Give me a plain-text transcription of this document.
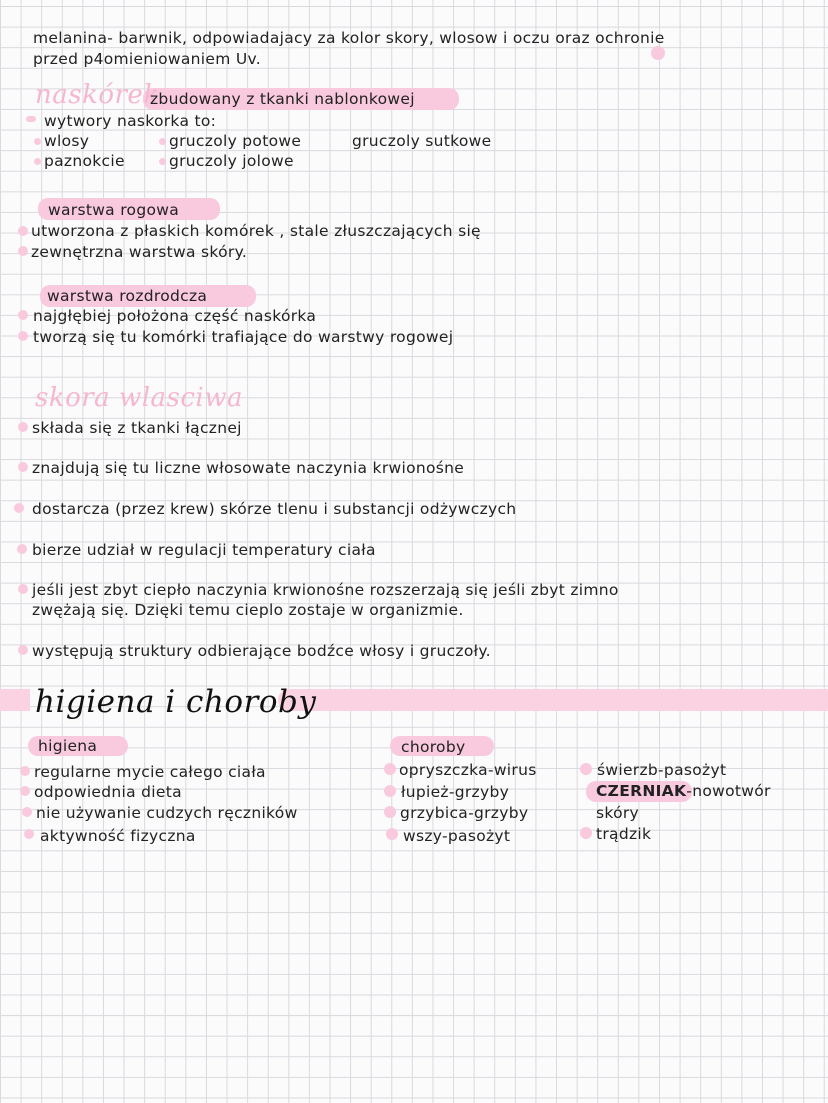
melanina- barwnik, odpowiadajacy za kolor skory, wlosow i oczu oraz ochronie
przed p4omieniowaniem Uv.
naskórek
zbudowany z tkanki nablonkowej
wytwory naskorka to:
wlosy	gruczoly potowe	gruczoly sutkowe
paznokcie	gruczoly jolowe
warstwa rogowa
utworzona z płaskich komórek , stale złuszczających się
zewnętrzna warstwa skóry.
warstwa rozdrodcza
najgłębiej położona część naskórka
tworzą się tu komórki trafiające do warstwy rogowej
skora wlasciwa
składa się z tkanki łącznej
znajdują się tu liczne włosowate naczynia krwionośne
dostarcza (przez krew) skórze tlenu i substancji odżywczych
bierze udział w regulacji temperatury ciała
jeśli jest zbyt ciepło naczynia krwionośne rozszerzają się jeśli zbyt zimno
zwężają się. Dzięki temu cieplo zostaje w organizmie.
występują struktury odbierające bodźce włosy i gruczoły.
higiena i choroby
higiena
regularne mycie całego ciała
odpowiednia dieta
nie używanie cudzych ręczników
aktywność fizyczna
choroby
opryszczka-wirus
łupież-grzyby
grzybica-grzyby
wszy-pasożyt
świerzb-pasożyt
CZERNIAK-nowotwór
skóry
trądzik
